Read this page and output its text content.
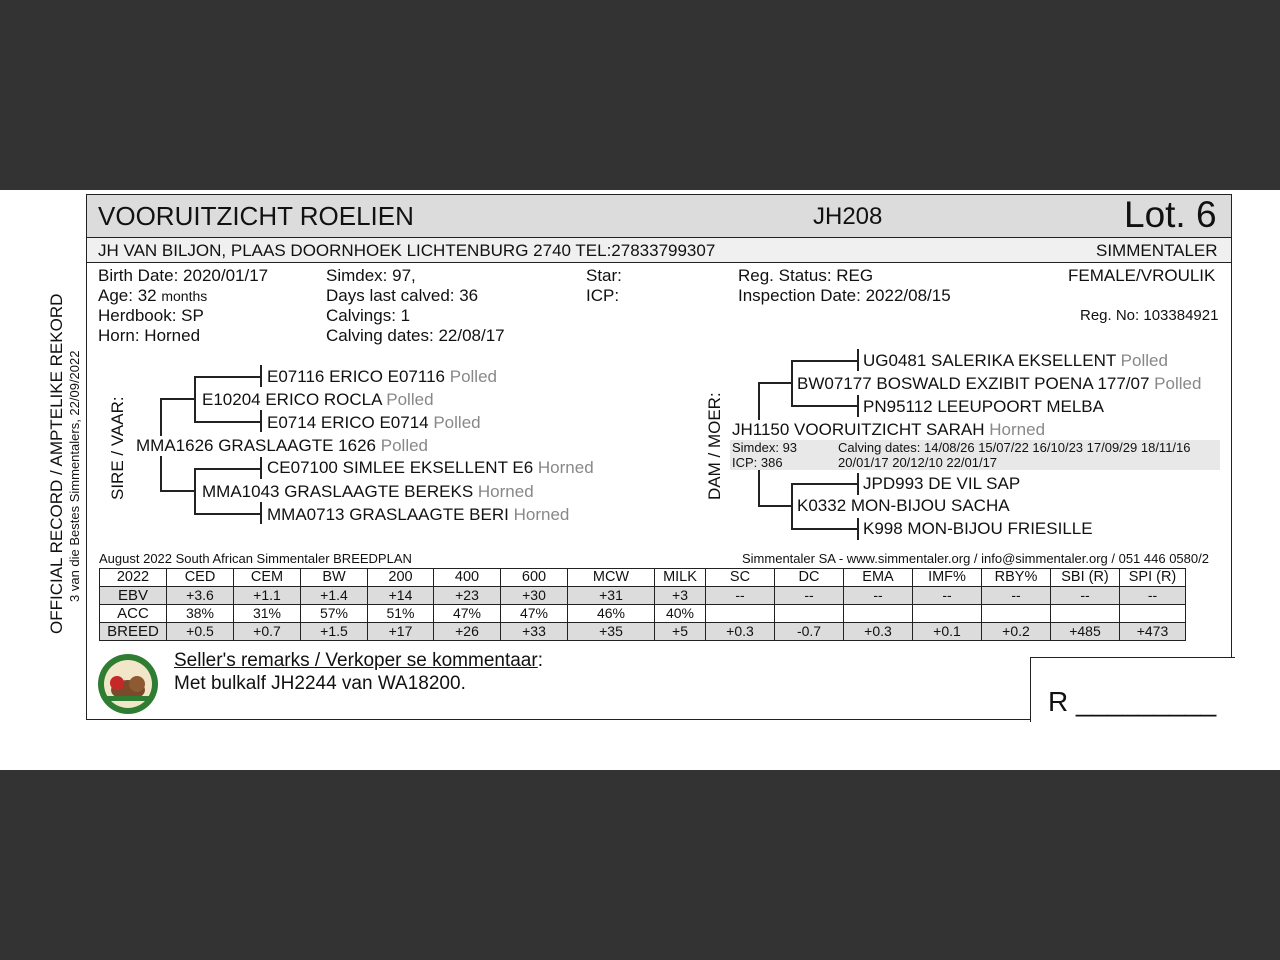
VOORUITZICHT ROELIEN	JH208	Lot. 6
JH VAN BILJON, PLAAS DOORNHOEK LICHTENBURG 2740 TEL:27833799307	SIMMENTALER
OFFICIAL RECORD / AMPTELIKE REKORD 3 van die Bestes Simmentalers, 22/09/2022
Birth Date: 2020/01/17
Age: 32 months
Herdbook: SP
Horn: Horned
Simdex: 97,
Days last calved: 36
Calvings: 1
Calving dates: 22/08/17
Star:
ICP:
Reg. Status: REG
Inspection Date: 2022/08/15
FEMALE/VROULIK
Reg. No: 103384921
SIRE / VAAR:
E07116 ERICO E07116 Polled
E10204 ERICO ROCLA Polled
E0714 ERICO E0714 Polled
MMA1626 GRASLAAGTE 1626 Polled
CE07100 SIMLEE EKSELLENT E6 Horned
MMA1043 GRASLAAGTE BEREKS Horned
MMA0713 GRASLAAGTE BERI Horned
DAM / MOER:
UG0481 SALERIKA EKSELLENT Polled
BW07177 BOSWALD EXZIBIT POENA 177/07 Polled
PN95112 LEEUPOORT MELBA
JH1150 VOORUITZICHT SARAH Horned
Simdex: 93
ICP: 386
Calving dates: 14/08/26 15/07/22 16/10/23 17/09/29 18/11/16
20/01/17 20/12/10 22/01/17
JPD993 DE VIL SAP
K0332 MON-BIJOU SACHA
K998 MON-BIJOU FRIESILLE
August 2022 South African Simmentaler BREEDPLAN	Simmentaler SA - www.simmentaler.org / info@simmentaler.org / 051 446 0580/2
2022	CED	CEM	BW	200	400	600	MCW	MILK	SC	DC	EMA	IMF%	RBY%	SBI (R)	SPI (R)
EBV	+3.6	+1.1	+1.4	+14	+23	+30	+31	+3	--	--	--	--	--	--	--
ACC	38%	31%	57%	51%	47%	47%	46%	40%							
BREED	+0.5	+0.7	+1.5	+17	+26	+33	+35	+5	+0.3	-0.7	+0.3	+0.1	+0.2	+485	+473
R _________
Seller's remarks / Verkoper se kommentaar:
Met bulkalf JH2244 van WA18200.
